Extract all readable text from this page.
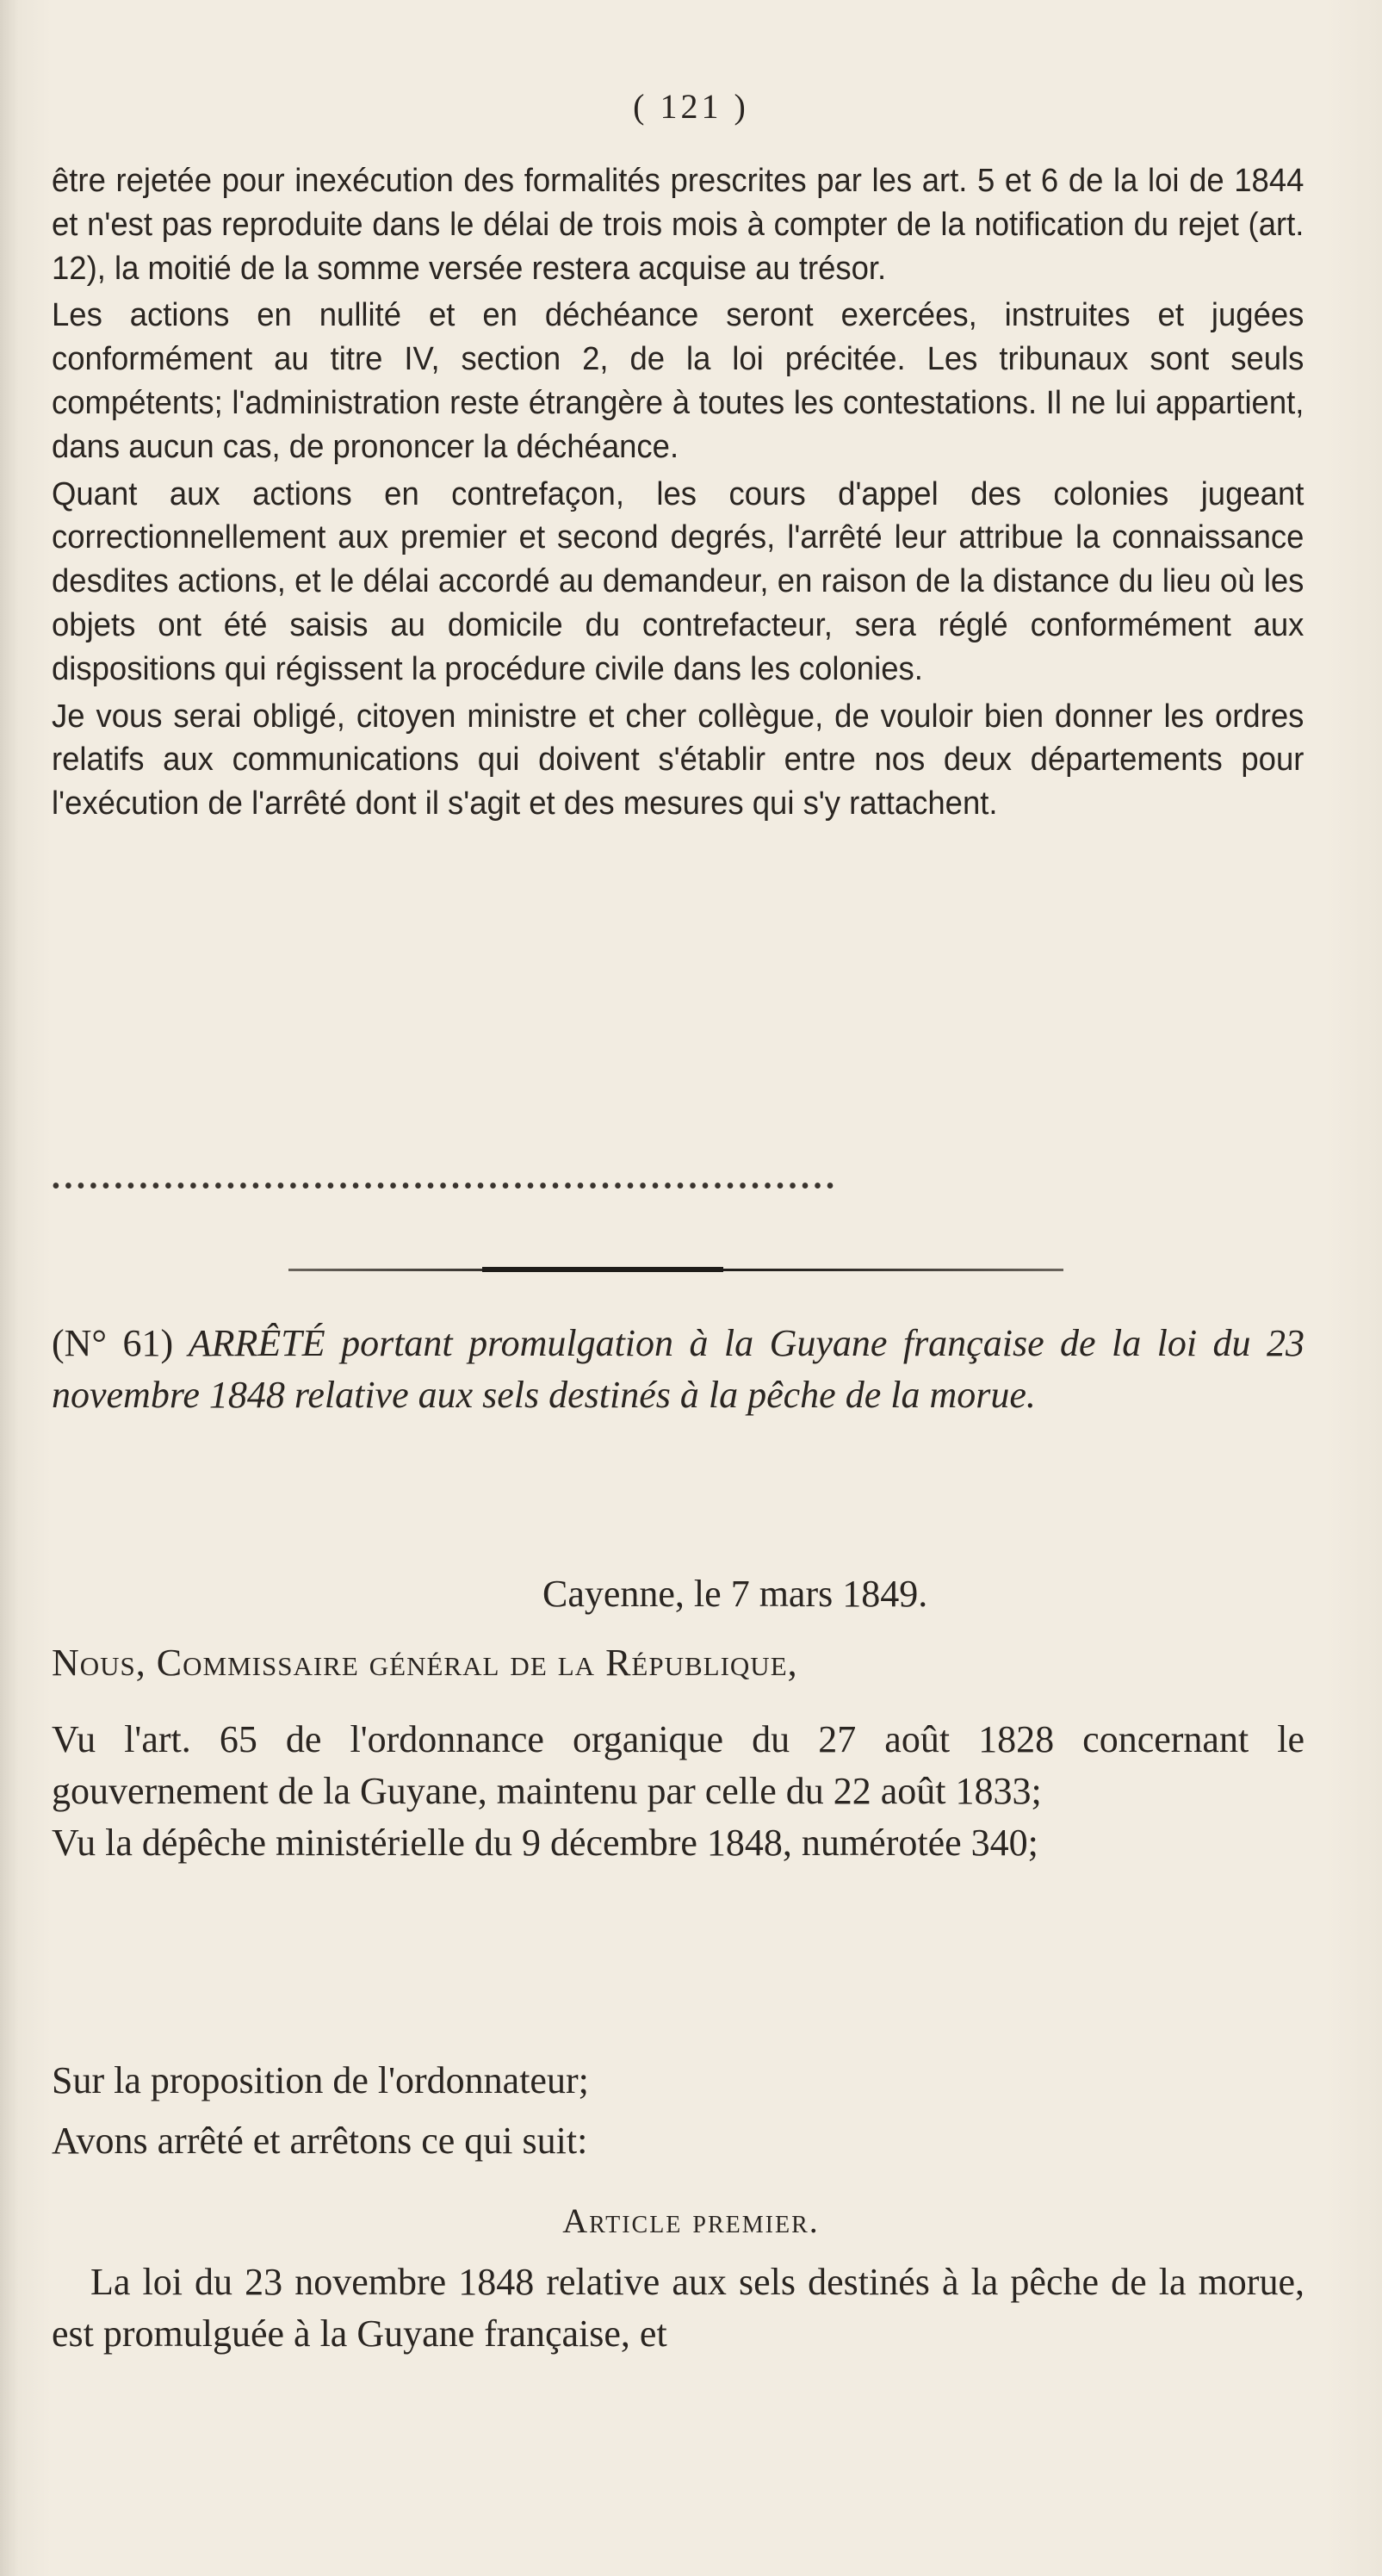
( 121 )

être rejetée pour inexécution des formalités prescrites par les art. 5 et 6 de la loi de 1844 et n'est pas reproduite dans le délai de trois mois à compter de la notification du rejet (art. 12), la moitié de la somme versée restera acquise au trésor.

Les actions en nullité et en déchéance seront exercées, instruites et jugées conformément au titre IV, section 2, de la loi précitée. Les tribunaux sont seuls compétents; l'administration reste étrangère à toutes les contestations. Il ne lui appartient, dans aucun cas, de prononcer la déchéance.

Quant aux actions en contrefaçon, les cours d'appel des colonies jugeant correctionnellement aux premier et second degrés, l'arrêté leur attribue la connaissance desdites actions, et le délai accordé au demandeur, en raison de la distance du lieu où les objets ont été saisis au domicile du contrefacteur, sera réglé conformément aux dispositions qui régissent la procédure civile dans les colonies.

Je vous serai obligé, citoyen ministre et cher collègue, de vouloir bien donner les ordres relatifs aux communications qui doivent s'établir entre nos deux départements pour l'exécution de l'arrêté dont il s'agit et des mesures qui s'y rattachent.

•••••••••••••••••••••••••••••••••••••••••••••••••••••••••••••••
(N° 61) ARRÊTÉ portant promulgation à la Guyane française de la loi du 23 novembre 1848 relative aux sels destinés à la pêche de la morue.
Cayenne, le 7 mars 1849.
Nous, Commissaire général de la République,

Vu l'art. 65 de l'ordonnance organique du 27 août 1828 concernant le gouvernement de la Guyane, maintenu par celle du 22 août 1833;

Vu la dépêche ministérielle du 9 décembre 1848, numérotée 340;

Sur la proposition de l'ordonnateur;
Avons arrêté et arrêtons ce qui suit:
Article premier.

La loi du 23 novembre 1848 relative aux sels destinés à la pêche de la morue, est promulguée à la Guyane française, et
